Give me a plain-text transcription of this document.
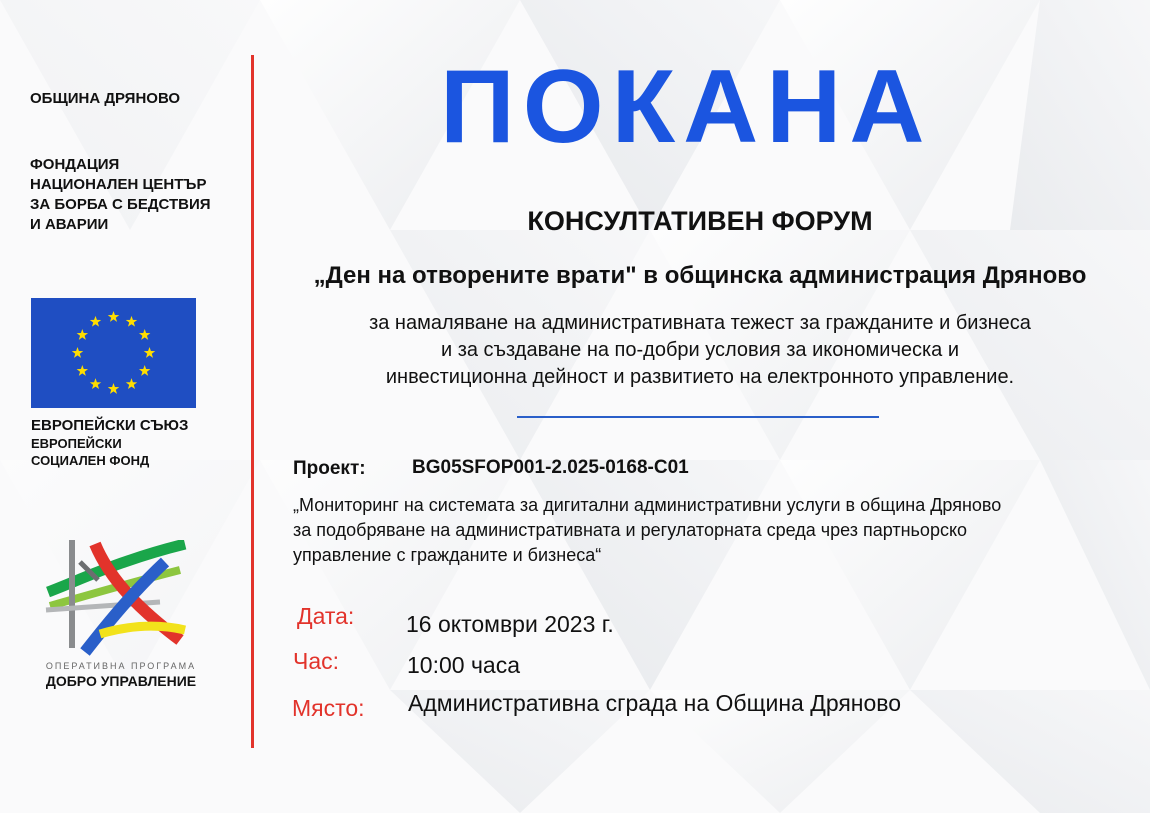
ОБЩИНА ДРЯНОВО
ФОНДАЦИЯ
НАЦИОНАЛЕН ЦЕНТЪР
ЗА БОРБА С БЕДСТВИЯ
И АВАРИИ
ЕВРОПЕЙСКИ СЪЮЗ
ЕВРОПЕЙСКИ
СОЦИАЛЕН ФОНД
ОПЕРАТИВНА ПРОГРАМА
ДОБРО УПРАВЛЕНИЕ
ПОКАНА
КОНСУЛТАТИВЕН ФОРУМ
„Ден на отворените врати" в общинска администрация Дряново
за намаляване на административната тежест за гражданите и бизнеса
и за създаване на по-добри условия за икономическа и
инвестиционна дейност и развитието на електронното управление.
Проект: BG05SFOP001-2.025-0168-C01
„Мониторинг на системата за дигитални административни услуги в община Дряново
за подобряване на административната и регулаторната среда чрез партньорско
управление с гражданите и бизнеса“
Дата: 16 октомври 2023 г.
Час:	10:00 часа
Място: Административна сграда на Община Дряново
